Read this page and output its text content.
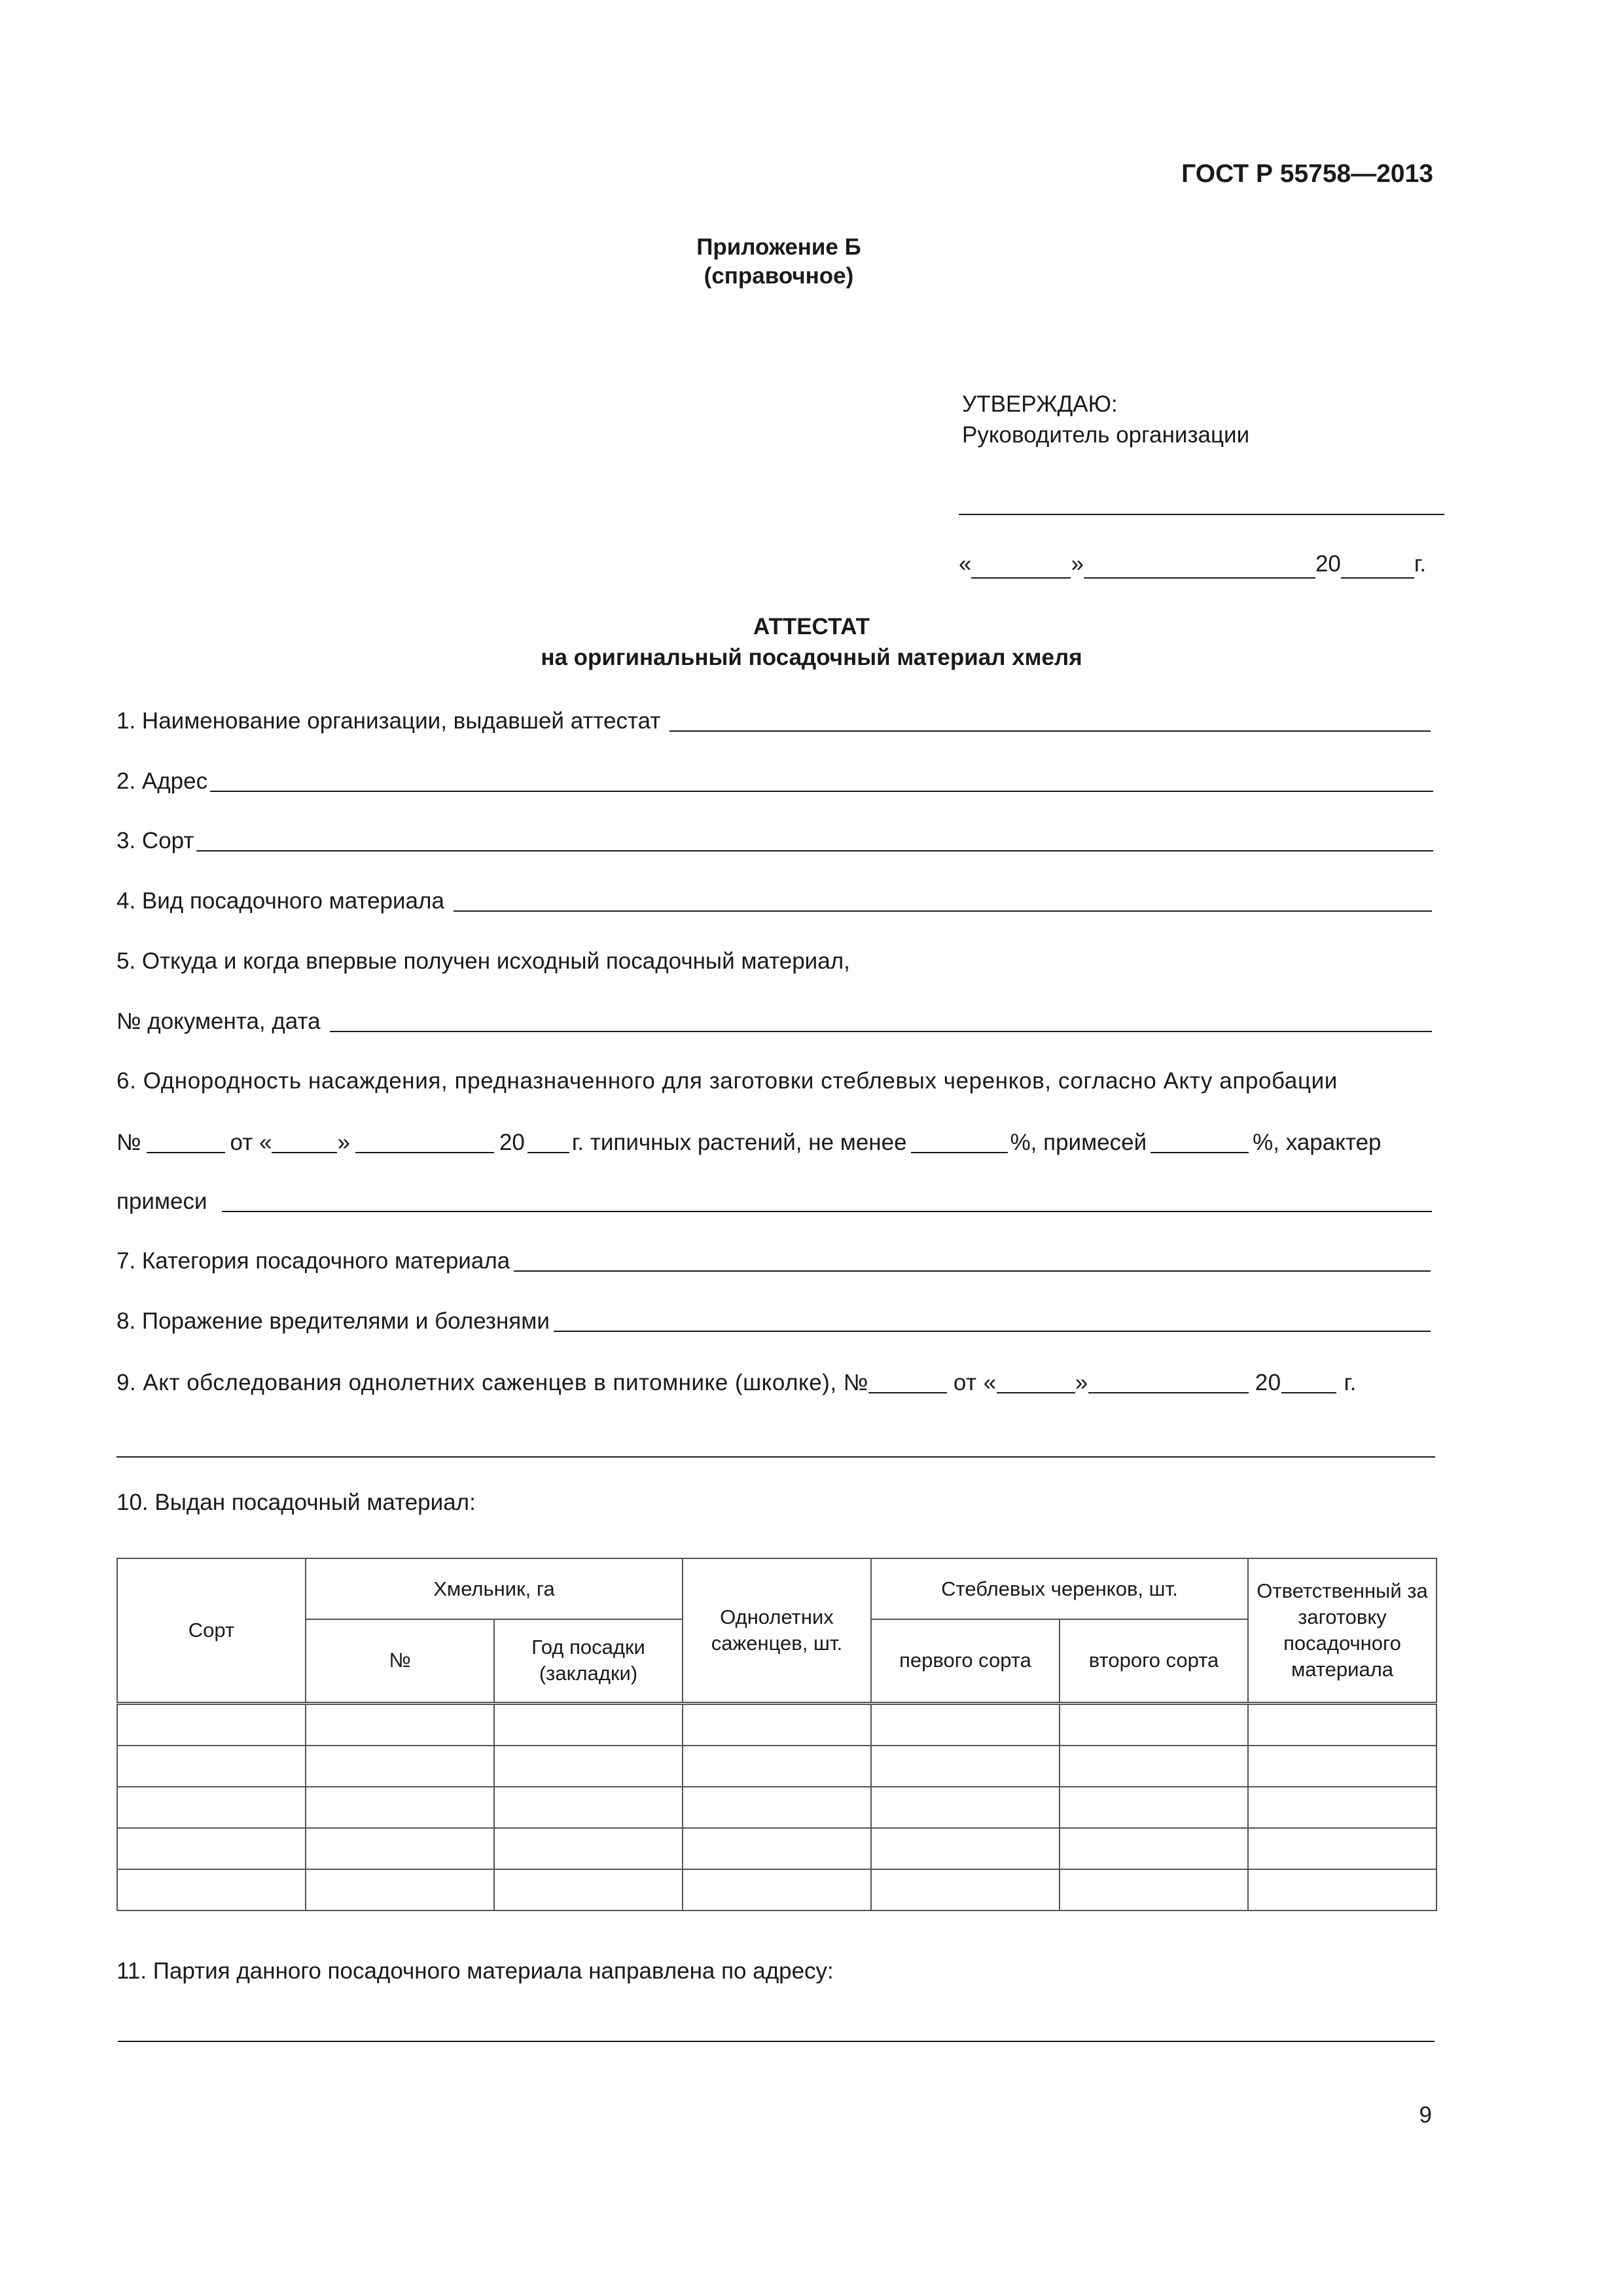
ГОСТ Р 55758—2013
Приложение Б
(справочное)
УТВЕРЖДАЮ:
Руководитель организации
«	»	20	г.
АТТЕСТАТ
на оригинальный посадочный материал хмеля
1. Наименование организации, выдавшей аттестат
2. Адрес
3. Сорт
4. Вид посадочного материала
5. Откуда и когда впервые получен исходный посадочный материал,
№ документа, дата
6. Однородность насаждения, предназначенного для заготовки стеблевых черенков, согласно Акту апробации
№	от «	»	20 г. типичных растений, не менее	%, примесей	%, характер
примеси
7. Категория посадочного материала
8. Поражение вредителями и болезнями
9. Акт обследования однолетних саженцев в питомнике (школке), №	от «	»	20	г.
10. Выдан посадочный материал:
Сорт	Хмельник, га		Однолетних саженцев, шт.	Стеблевых черенков, шт.		Ответственный за заготовку посадочного материала
	№	Год посадки (закладки)		первого сорта	второго сорта	

11. Партия данного посадочного материала направлена по адресу:
9
